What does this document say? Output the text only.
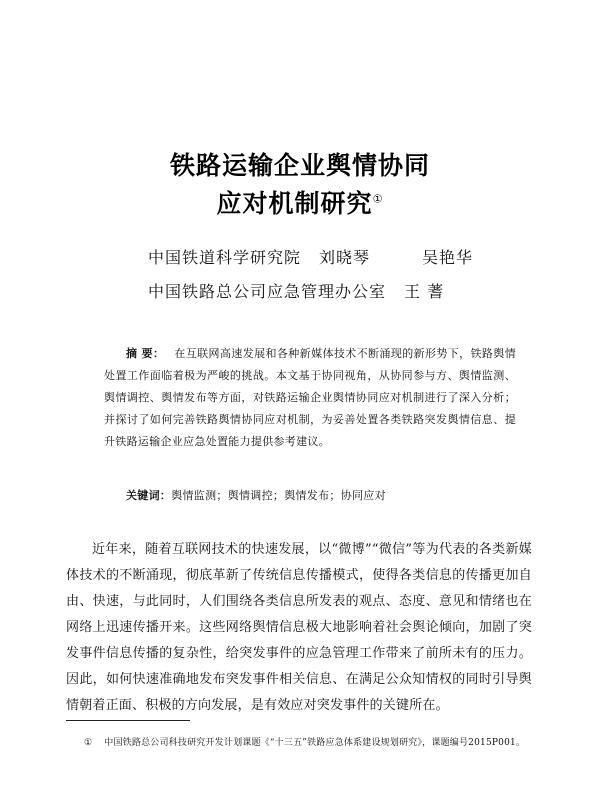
铁路运输企业舆情协同
应对机制研究①
中国铁道科学研究院 刘晓琴	吴艳华
中国铁路总公司应急管理办公室 王 蓍
摘 要： 在互联网高速发展和各种新媒体技术不断涌现的新形势下，铁路舆情处置工作面临着极为严峻的挑战。本文基于协同视角，从协同参与方、舆情监测、舆情调控、舆情发布等方面，对铁路运输企业舆情协同应对机制进行了深入分析；并探讨了如何完善铁路舆情协同应对机制，为妥善处置各类铁路突发舆情信息、提升铁路运输企业应急处置能力提供参考建议。
关键词：舆情监测；舆情调控；舆情发布；协同应对
近年来，随着互联网技术的快速发展，以“微博”“微信”等为代表的各类新媒体技术的不断涌现，彻底革新了传统信息传播模式，使得各类信息的传播更加自由、快速，与此同时，人们围绕各类信息所发表的观点、态度、意见和情绪也在网络上迅速传播开来。这些网络舆情信息极大地影响着社会舆论倾向，加剧了突发事件信息传播的复杂性，给突发事件的应急管理工作带来了前所未有的压力。因此，如何快速准确地发布突发事件相关信息、在满足公众知情权的同时引导舆情朝着正面、积极的方向发展，是有效应对突发事件的关键所在。
① 中国铁路总公司科技研究开发计划课题《“十三五”铁路应急体系建设规划研究》，课题编号2015P001。
